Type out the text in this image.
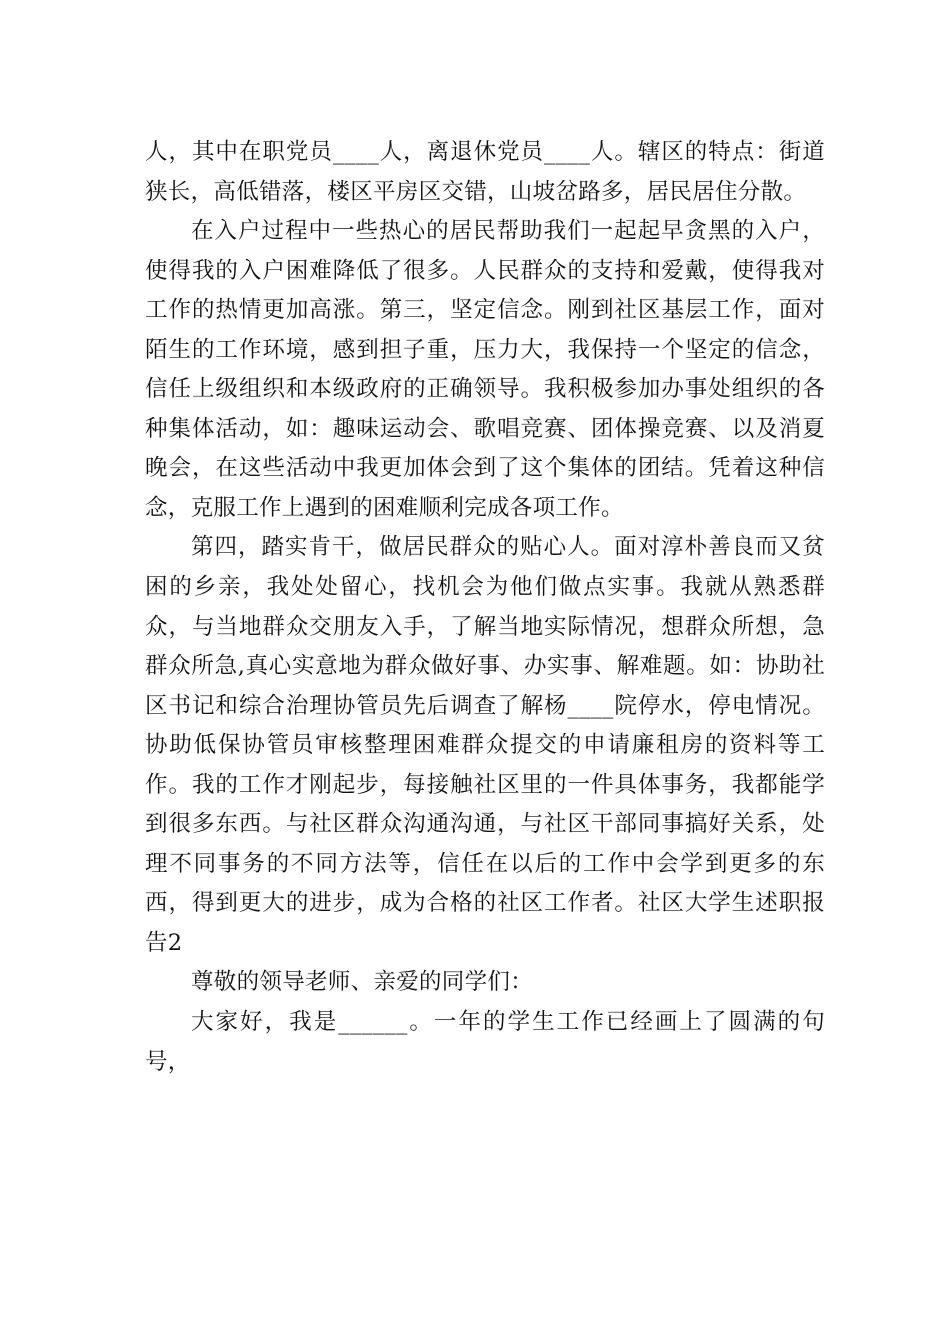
人，其中在职党员____人，离退休党员____人。辖区的特点：街道狭长，高低错落，楼区平房区交错，山坡岔路多，居民居住分散。

在入户过程中一些热心的居民帮助我们一起起早贪黑的入户，使得我的入户困难降低了很多。人民群众的支持和爱戴，使得我对工作的热情更加高涨。第三，坚定信念。刚到社区基层工作，面对陌生的工作环境，感到担子重，压力大，我保持一个坚定的信念，信任上级组织和本级政府的正确领导。我积极参加办事处组织的各种集体活动，如：趣味运动会、歌唱竞赛、团体操竞赛、以及消夏晚会，在这些活动中我更加体会到了这个集体的团结。凭着这种信念，克服工作上遇到的困难顺利完成各项工作。

第四，踏实肯干，做居民群众的贴心人。面对淳朴善良而又贫困的乡亲，我处处留心，找机会为他们做点实事。我就从熟悉群众，与当地群众交朋友入手，了解当地实际情况，想群众所想，急群众所急,真心实意地为群众做好事、办实事、解难题。如：协助社区书记和综合治理协管员先后调查了解杨____院停水，停电情况。协助低保协管员审核整理困难群众提交的申请廉租房的资料等工作。我的工作才刚起步，每接触社区里的一件具体事务，我都能学到很多东西。与社区群众沟通沟通，与社区干部同事搞好关系，处理不同事务的不同方法等，信任在以后的工作中会学到更多的东西，得到更大的进步，成为合格的社区工作者。社区大学生述职报告2

尊敬的领导老师、亲爱的同学们：

大家好，我是______。一年的学生工作已经画上了圆满的句号，
